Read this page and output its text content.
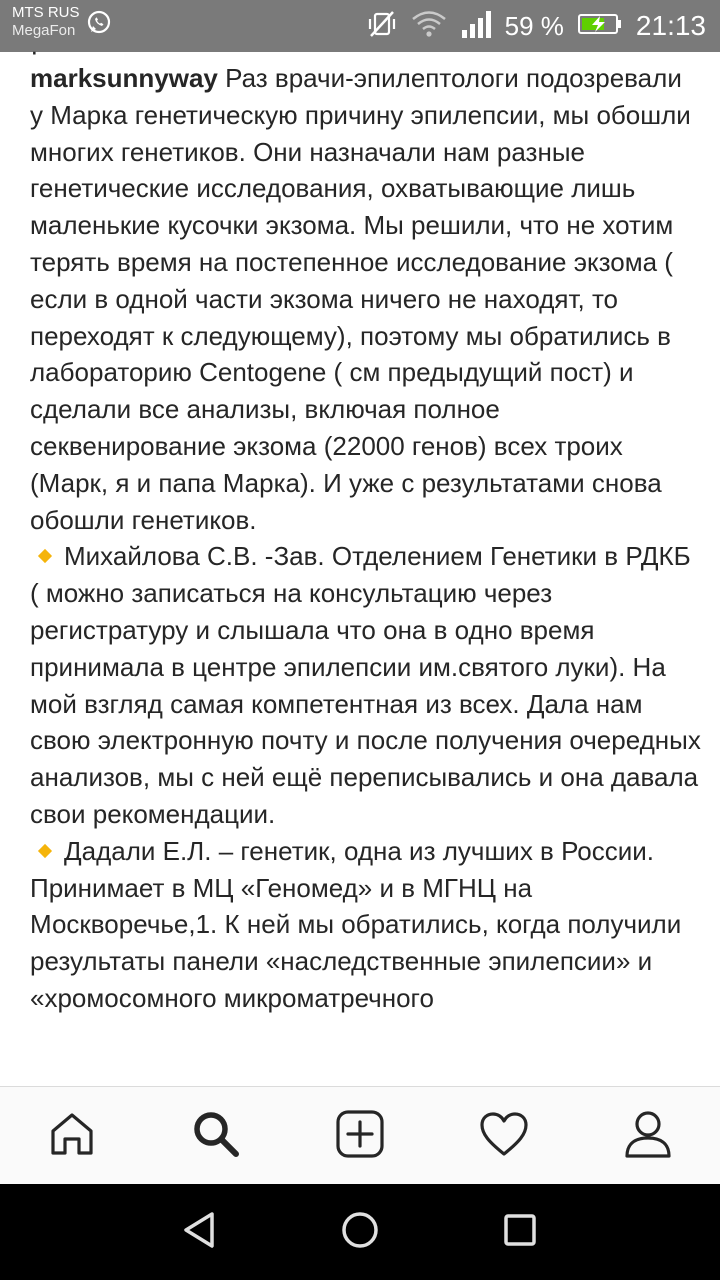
MTS RUS
MegaFon	59 %	21:13
·
marksunnyway Раз врачи-эпилептологи подозревали у Марка генетическую причину эпилепсии, мы обошли многих генетиков. Они назначали нам разные генетические исследования, охватывающие лишь маленькие кусочки экзома. Мы решили, что не хотим терять время на постепенное исследование экзома ( если в одной части экзома ничего не находят, то переходят к следующему), поэтому мы обратились в лабораторию Centogene ( см предыдущий пост) и сделали все анализы, включая полное секвенирование экзома (22000 генов) всех троих (Марк, я и папа Марка). И уже с результатами снова обошли генетиков.
Михайлова С.В. -Зав. Отделением Генетики в РДКБ ( можно записаться на консультацию через регистратуру и слышала что она в одно время принимала в центре эпилепсии им.святого луки). На мой взгляд самая компетентная из всех. Дала нам свою электронную почту и после получения очередных анализов, мы с ней ещё переписывались и она давала свои рекомендации.
Дадали Е.Л. – генетик, одна из лучших в России. Принимает в МЦ «Геномед» и в МГНЦ на Москворечье,1. К ней мы обратились, когда получили результаты панели «наследственные эпилепсии» и «хромосомного микроматречного
